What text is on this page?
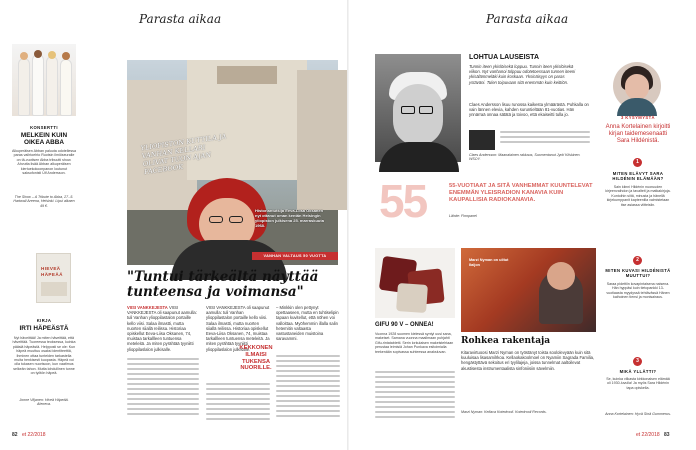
Parasta aikaa	Parasta aikaa
KONSERTTI
MELKEIN KUIN OIKEA ABBA
Alkuperäisen Abban paluuta odotellessa paras vaihtoehto Ruotsin ilmiöseuralle on tä-vuotisen Abba tribuutti show. Ahvutta lisää Abban alkuperäisen kiertuekokoonpanon loutunut saksofonisti Ulf Andersson.
The Show – A Tribute to Abba, 27.-5. Hartwall Areena, Helsinki. Lipui alkaen 49 €.
HIEVEÄ HÄPEÄÄ
KIRJA
IRTI HÄPEÄSTÄ
Nyt häveittää! Ja miten häveittää, että häveittää. Tuoreessa teoksessa, kuinka pääsiä häpeästä. Helpposti se ole: Kun häpeä muuttuu osaksi identiteettiä, ihminen ottaa tunteiden tarkastella muita henkisesti kuopasta. Häpeä voi olla tukasen nuorisoon, kun vaatimus selkeän tahon. Mutta lohdullinen tunne on työtön häpeä.
Jonne Viljanen: Hiveä Häpeää. Aleneva.
Historiantutkija Eeva-Liisa Oksanen nyt ottanut oman kentän Helsingin yliopiston julkisena 25. marraskuuta 1968.
YLIOPISTON KUTTILA JA VANHAN KELLARI OLIVAT TUON AJAN FACEBOOK
VANHAN VALTAUS 50 VUOTTA
"Tuntui tärkeältä näyttää tunteensa ja voimansa"
VIISI VANKKEJESTA VIISI VANKKEJESTA oli saapunut aamulla: tuli Vanhan ylioppilastalon portaille kello viisi. Salaa ilmastti, mutta nuorten siiallä reilissa. Historiaa opiskellut Eeva-Liisa Oksanen, 74, muistaa tarkallleen tuntuensa meteleitä. Ja miten pyrähtää tyyniitti ylioppilaslalon julkisalle.
VIISI VANKKEJESTA oli saapunut aamulla: tuli Vanhan ylioppilastalon portaille kello viisi. Salaa ilmastti, mutta nuorten siiallä reilissa. Historiaa opiskellut Eeva-Liisa Oksanen, 74, muistaa tarkallleen tuntuensa meteleitä. Ja miten pyrähtää tyyniitti ylioppilaslalon julkisalle.
KEKKONEN ILMAISI TUKENSA NUORILLE.
– Minkkin olen pettynyt opettaaseen, mutta en tuhtiselipin tapaan kuvitellut, että nöhen voi valloittaa. Myöhemmin illalla salin hetemitin valtaasta vastustaneiden muistoina saravammi.
82 et 22/2018
LOHTUA LAUSEISTA
Tunnin iteen ykislöisekä loppuu. Tunnin iteen ykislöisekä viikon. Nyt vanhanoi tolppuu odotetoessaan tunnen iteeni ykisälämmeläki kuin koskaan. Yksinäisyys on paras ystäväni. Tulen toipuvaan sitä enemmän kuin keittiön.
Claes Andersson lisuu runossa kaikesta ylmäärästä. Puhkalla on vain lännen elevia, kahden suruntieltään 81-vuotias. Hän ynnärraä onnaa sätätä ja toivoo, että ekaiseitti tulla jo.
Claes Andersson: Maanalainen rakkaus, Suomentanut Jyrki Kiiskinen. WSOY.
55	55-VUOTIAAT JA SITÄ VANHEMMAT KUUNTELEVAT ENEMMÄN YLEISRADION KANAVIA KUIN KAUPALLISIA RADIOKANAVIA.
Lähde: Finnpanel
GIFU 90 V – ONNEA!
Vuonna 1928 suomen kielessä syntyi uusi sana, makeiset. Samana vuonna maailmaan puhjahti Gifu-rintatabletti. Serin lorkulaisen makeistehtaan perustaa leimisiä Johan Punkava esitoimialla teekenään sopivassa suhteessa anaksluvan.
Marzi Nyman on uiltut Ilaijon
Rohkea rakentaja
Kitaravirtuoosi Marzi Nyman on työstänyt toista soololevyään kuin sitä kuuluisaa lisasamilrkoa. Kellaokakoolmoel on Nyamiin Sagrada Familia, hengästyttävä sekoitus eri tyylilajeja, joissa tunnelmat aaltoilevat akustisesta instrumentaalista sinfoniisiin sävelmiin.
Marzi Nyman: Kellava Kotedrooli. Kotedrooli Records.
3 KYSYMYSTÄ
Anna Kortelainen kirjoitti kirjan taidemesenaatti Sara Hildénistä.
1
MITEN ELÄVYT SARA HILDÉNIN ELÄMÄÄN?
Sain kiinni Hildénin nuoruuden kirjeenvaihdon ja tavalteit ja matkakirjoja. Kuntoihin siitä, minusta ja hänellä kirjekumppanit kapteenilla valmistetaan itse asiassa viitteisiin.
2
MITEN KUVASI HILDÉNISTÄ MUUTTUI?
Saraa pidettiin kovapintaisena naisena. Hän hyppäsi kuin tietopankki 13-vuotiaasta myydyssä tehtävässä Hänen kaihoinen tiensi ja monisairaus.
3
MIKÄ YLLÄTTI?
Se, kuinka vilkasta kirkkonaisen elämää oli 1930-luvulla! Ja myös Sara Hildénin tapa opiskella.
Anna Kortelainen: Hyvä Sinä Gummerus.
et 22/2018 83
